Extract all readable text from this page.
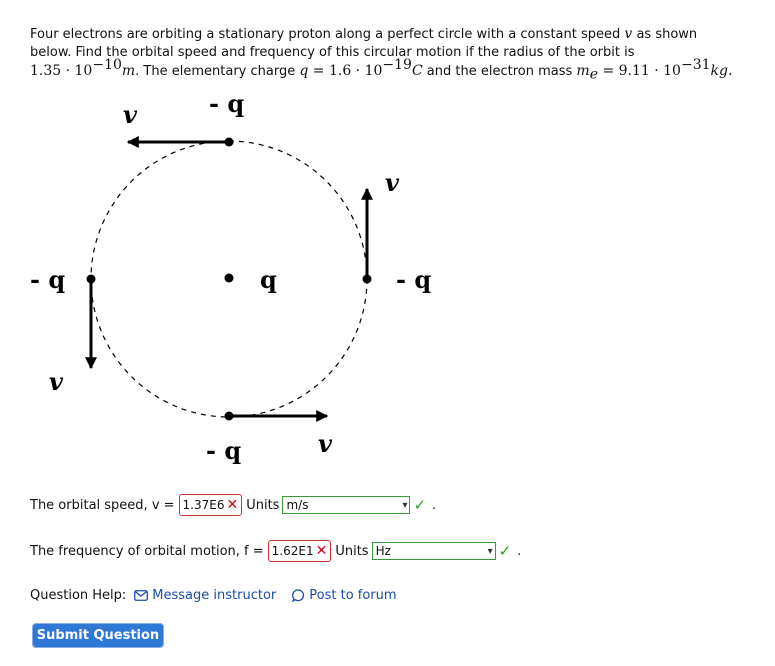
Four electrons are orbiting a stationary proton along a perfect circle with a constant speed v as shown
below. Find the orbital speed and frequency of this circular motion if the radius of the orbit is
$1.35 \cdot 10^{-10}m$. The elementary charge $q = 1.6 \cdot 10^{-19}C$ and the electron mass $m_e = 9.11 \cdot 10^{-31}kg$.
v	- q
v
- q
- q
v
q
- q	v
The orbital speed, v = 1.37E6 ✕ Units m/s	▾ ✓ .
The frequency of orbital motion, f = 1.62E1 ✕ Units Hz	▾ ✓ .
Question Help: Message instructor	Post to forum
Submit Question
